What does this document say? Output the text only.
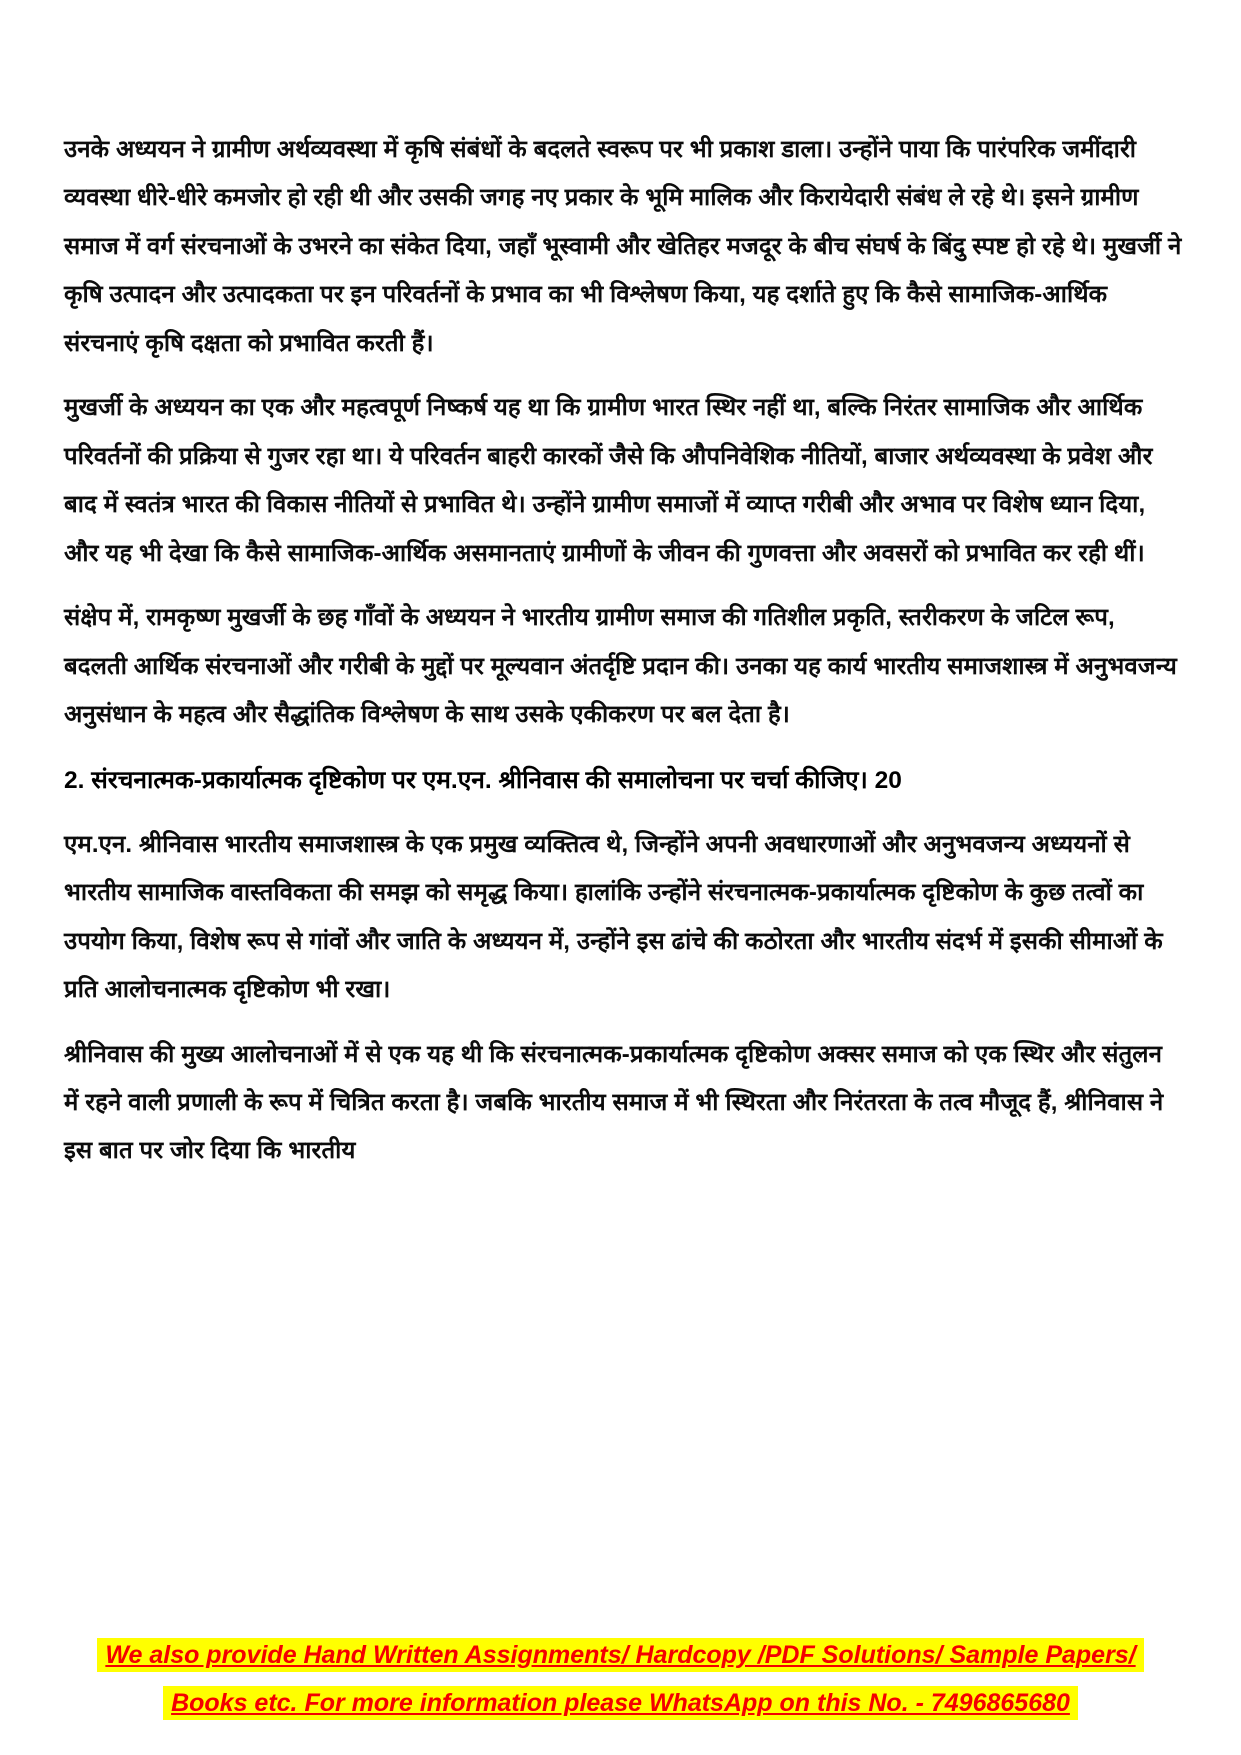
उनके अध्ययन ने ग्रामीण अर्थव्यवस्था में कृषि संबंधों के बदलते स्वरूप पर भी प्रकाश डाला। उन्होंने पाया कि पारंपरिक जमींदारी व्यवस्था धीरे-धीरे कमजोर हो रही थी और उसकी जगह नए प्रकार के भूमि मालिक और किरायेदारी संबंध ले रहे थे। इसने ग्रामीण समाज में वर्ग संरचनाओं के उभरने का संकेत दिया, जहाँ भूस्वामी और खेतिहर मजदूर के बीच संघर्ष के बिंदु स्पष्ट हो रहे थे। मुखर्जी ने कृषि उत्पादन और उत्पादकता पर इन परिवर्तनों के प्रभाव का भी विश्लेषण किया, यह दर्शाते हुए कि कैसे सामाजिक-आर्थिक संरचनाएं कृषि दक्षता को प्रभावित करती हैं।

मुखर्जी के अध्ययन का एक और महत्वपूर्ण निष्कर्ष यह था कि ग्रामीण भारत स्थिर नहीं था, बल्कि निरंतर सामाजिक और आर्थिक परिवर्तनों की प्रक्रिया से गुजर रहा था। ये परिवर्तन बाहरी कारकों जैसे कि औपनिवेशिक नीतियों, बाजार अर्थव्यवस्था के प्रवेश और बाद में स्वतंत्र भारत की विकास नीतियों से प्रभावित थे। उन्होंने ग्रामीण समाजों में व्याप्त गरीबी और अभाव पर विशेष ध्यान दिया, और यह भी देखा कि कैसे सामाजिक-आर्थिक असमानताएं ग्रामीणों के जीवन की गुणवत्ता और अवसरों को प्रभावित कर रही थीं।

संक्षेप में, रामकृष्ण मुखर्जी के छह गाँवों के अध्ययन ने भारतीय ग्रामीण समाज की गतिशील प्रकृति, स्तरीकरण के जटिल रूप, बदलती आर्थिक संरचनाओं और गरीबी के मुद्दों पर मूल्यवान अंतर्दृष्टि प्रदान की। उनका यह कार्य भारतीय समाजशास्त्र में अनुभवजन्य अनुसंधान के महत्व और सैद्धांतिक विश्लेषण के साथ उसके एकीकरण पर बल देता है।

2. संरचनात्मक-प्रकार्यात्मक दृष्टिकोण पर एम.एन. श्रीनिवास की समालोचना पर चर्चा कीजिए। 20

एम.एन. श्रीनिवास भारतीय समाजशास्त्र के एक प्रमुख व्यक्तित्व थे, जिन्होंने अपनी अवधारणाओं और अनुभवजन्य अध्ययनों से भारतीय सामाजिक वास्तविकता की समझ को समृद्ध किया। हालांकि उन्होंने संरचनात्मक-प्रकार्यात्मक दृष्टिकोण के कुछ तत्वों का उपयोग किया, विशेष रूप से गांवों और जाति के अध्ययन में, उन्होंने इस ढांचे की कठोरता और भारतीय संदर्भ में इसकी सीमाओं के प्रति आलोचनात्मक दृष्टिकोण भी रखा।

श्रीनिवास की मुख्य आलोचनाओं में से एक यह थी कि संरचनात्मक-प्रकार्यात्मक दृष्टिकोण अक्सर समाज को एक स्थिर और संतुलन में रहने वाली प्रणाली के रूप में चित्रित करता है। जबकि भारतीय समाज में भी स्थिरता और निरंतरता के तत्व मौजूद हैं, श्रीनिवास ने इस बात पर जोर दिया कि भारतीय

We also provide Hand Written Assignments/ Hardcopy /PDF Solutions/ Sample Papers/
Books etc. For more information please WhatsApp on this No. - 7496865680
